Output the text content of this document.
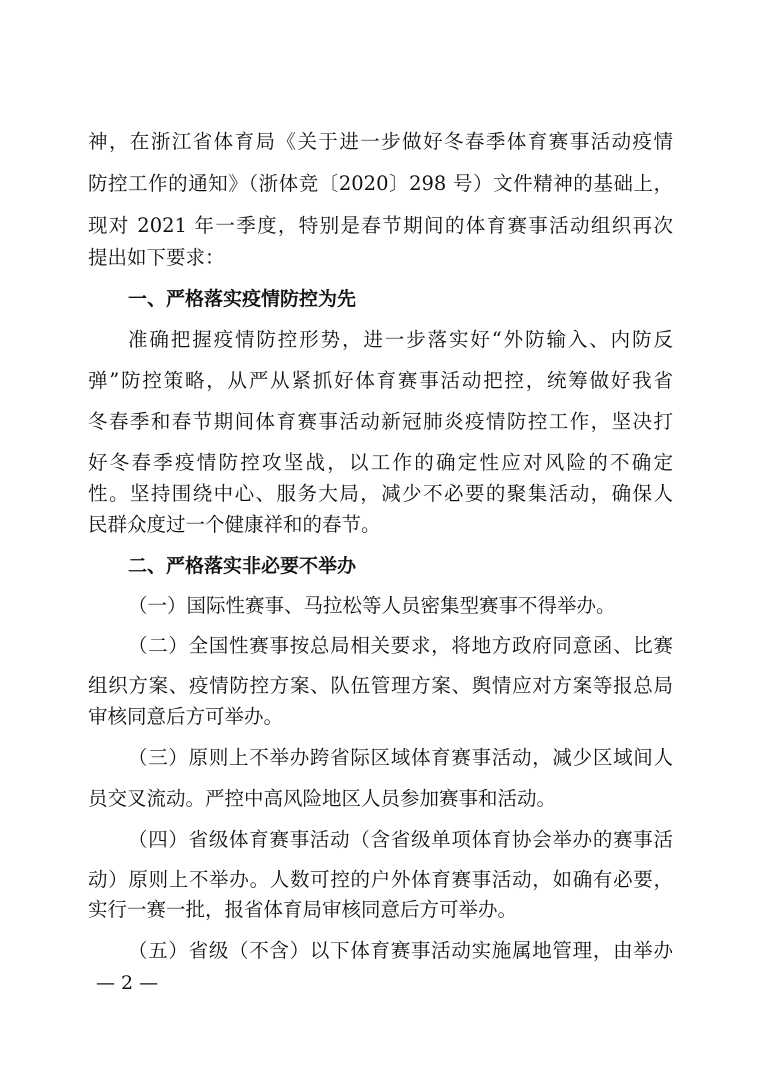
神，在浙江省体育局《关于进一步做好冬春季体育赛事活动疫情
防控工作的通知》（浙体竞〔2020〕298 号）文件精神的基础上，
现对 2021 年一季度，特别是春节期间的体育赛事活动组织再次
提出如下要求：
一、严格落实疫情防控为先
准确把握疫情防控形势，进一步落实好“外防输入、内防反
弹”防控策略，从严从紧抓好体育赛事活动把控，统筹做好我省
冬春季和春节期间体育赛事活动新冠肺炎疫情防控工作，坚决打
好冬春季疫情防控攻坚战，以工作的确定性应对风险的不确定
性。坚持围绕中心、服务大局，减少不必要的聚集活动，确保人
民群众度过一个健康祥和的春节。
二、严格落实非必要不举办
（一）国际性赛事、马拉松等人员密集型赛事不得举办。
（二）全国性赛事按总局相关要求，将地方政府同意函、比赛
组织方案、疫情防控方案、队伍管理方案、舆情应对方案等报总局
审核同意后方可举办。
（三）原则上不举办跨省际区域体育赛事活动，减少区域间人
员交叉流动。严控中高风险地区人员参加赛事和活动。
（四）省级体育赛事活动（含省级单项体育协会举办的赛事活
动）原则上不举办。人数可控的户外体育赛事活动，如确有必要，
实行一赛一批，报省体育局审核同意后方可举办。
（五）省级（不含）以下体育赛事活动实施属地管理，由举办
— 2 —
